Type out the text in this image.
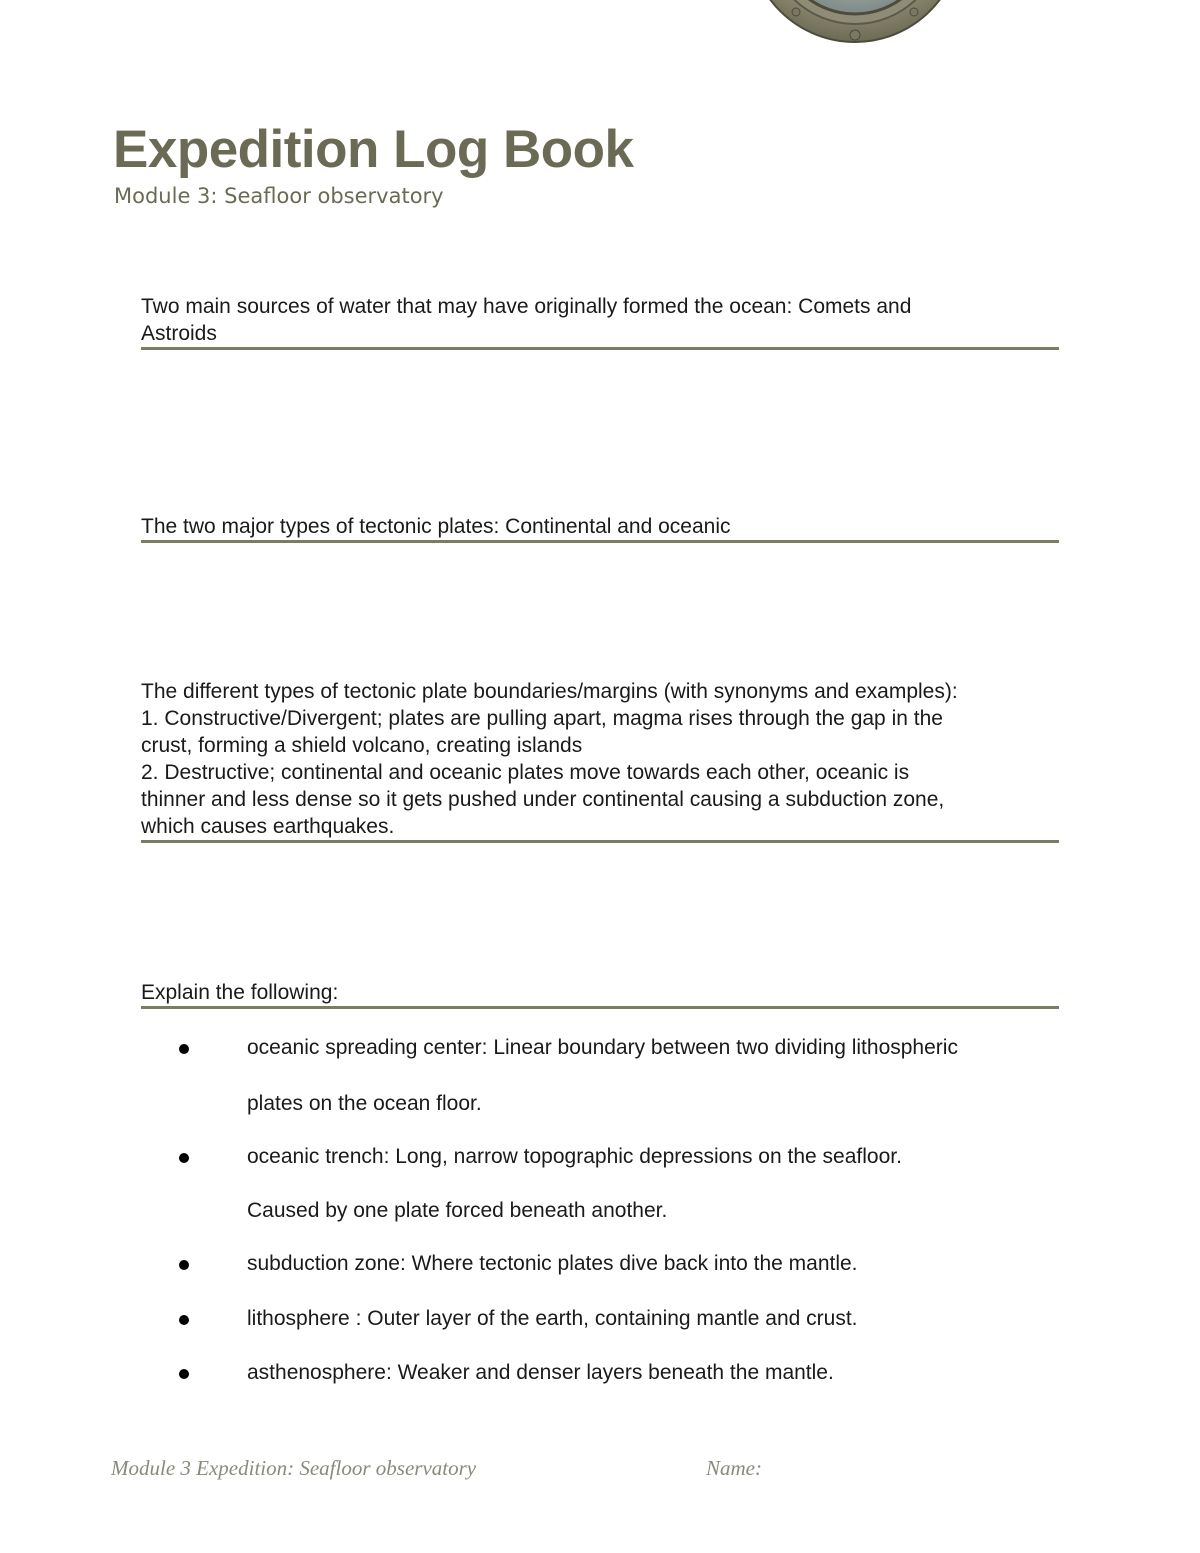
Expedition Log Book
Module 3: Seafloor observatory
Two main sources of water that may have originally formed the ocean: Comets and
Astroids
The two major types of tectonic plates: Continental and oceanic
The different types of tectonic plate boundaries/margins (with synonyms and examples):
1. Constructive/Divergent; plates are pulling apart, magma rises through the gap in the
crust, forming a shield volcano, creating islands
2. Destructive; continental and oceanic plates move towards each other, oceanic is
thinner and less dense so it gets pushed under continental causing a subduction zone,
which causes earthquakes.
Explain the following:
oceanic spreading center: Linear boundary between two dividing lithospheric
plates on the ocean floor.
oceanic trench: Long, narrow topographic depressions on the seafloor.
Caused by one plate forced beneath another.
subduction zone: Where tectonic plates dive back into the mantle.
lithosphere : Outer layer of the earth, containing mantle and crust.
asthenosphere: Weaker and denser layers beneath the mantle.
Module 3 Expedition: Seafloor observatory	Name:
